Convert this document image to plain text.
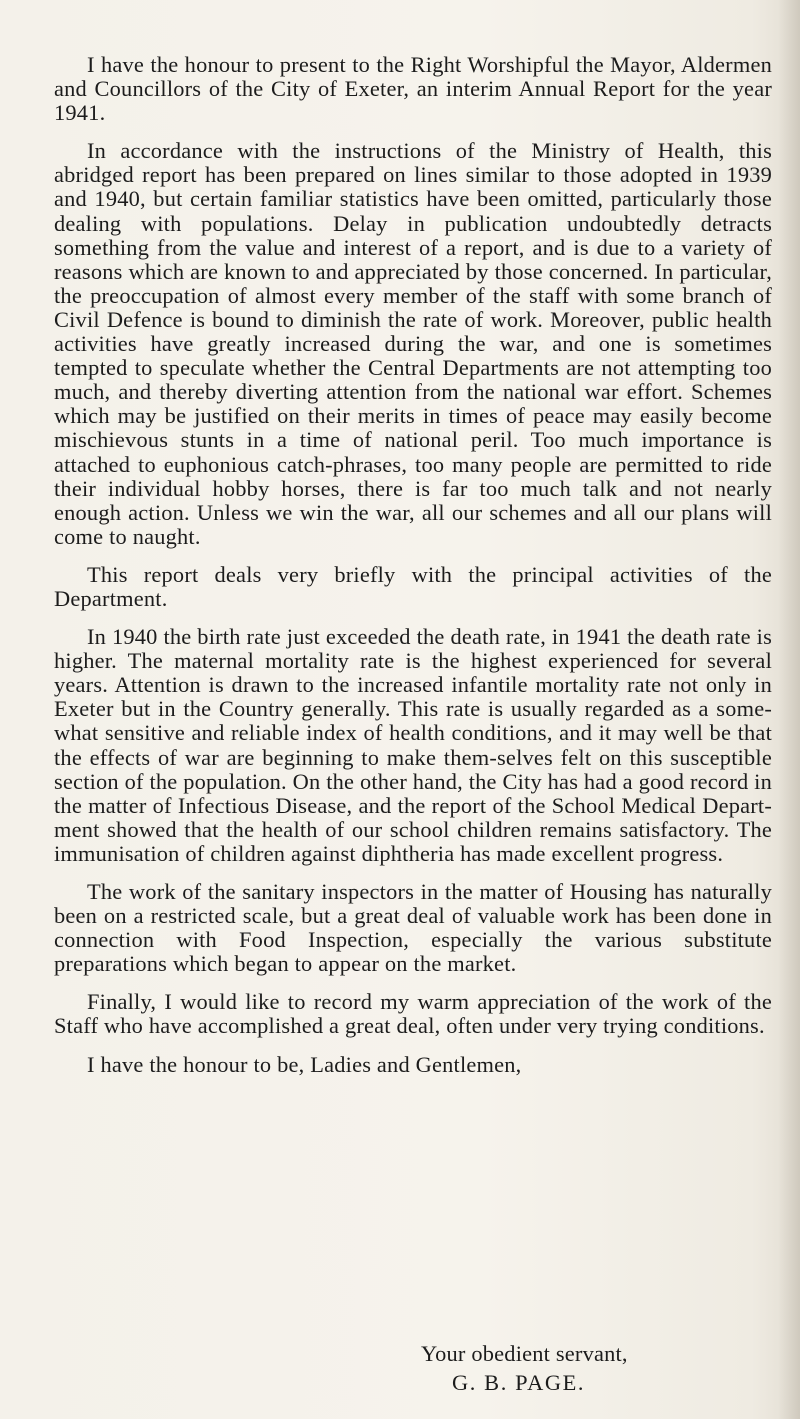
I have the honour to present to the Right Worshipful the Mayor, Aldermen and Councillors of the City of Exeter, an interim Annual Report for the year 1941.

In accordance with the instructions of the Ministry of Health, this abridged report has been prepared on lines similar to those adopted in 1939 and 1940, but certain familiar statistics have been omitted, particularly those dealing with populations. Delay in publication undoubtedly detracts something from the value and interest of a report, and is due to a variety of reasons which are known to and appreciated by those concerned. In particular, the preoccupation of almost every member of the staff with some branch of Civil Defence is bound to diminish the rate of work. Moreover, public health activities have greatly increased during the war, and one is sometimes tempted to speculate whether the Central Departments are not attempting too much, and thereby diverting attention from the national war effort. Schemes which may be justified on their merits in times of peace may easily become mischievous stunts in a time of national peril. Too much importance is attached to euphonious catch-phrases, too many people are permitted to ride their individual hobby horses, there is far too much talk and not nearly enough action. Unless we win the war, all our schemes and all our plans will come to naught.

This report deals very briefly with the principal activities of the Department.

In 1940 the birth rate just exceeded the death rate, in 1941 the death rate is higher. The maternal mortality rate is the highest experienced for several years. Attention is drawn to the increased infantile mortality rate not only in Exeter but in the Country generally. This rate is usually regarded as a some-what sensitive and reliable index of health conditions, and it may well be that the effects of war are beginning to make them-selves felt on this susceptible section of the population. On the other hand, the City has had a good record in the matter of Infectious Disease, and the report of the School Medical Depart-ment showed that the health of our school children remains satisfactory. The immunisation of children against diphtheria has made excellent progress.

The work of the sanitary inspectors in the matter of Housing has naturally been on a restricted scale, but a great deal of valuable work has been done in connection with Food Inspection, especially the various substitute preparations which began to appear on the market.

Finally, I would like to record my warm appreciation of the work of the Staff who have accomplished a great deal, often under very trying conditions.

I have the honour to be, Ladies and Gentlemen,

Your obedient servant,
G. B. PAGE.
